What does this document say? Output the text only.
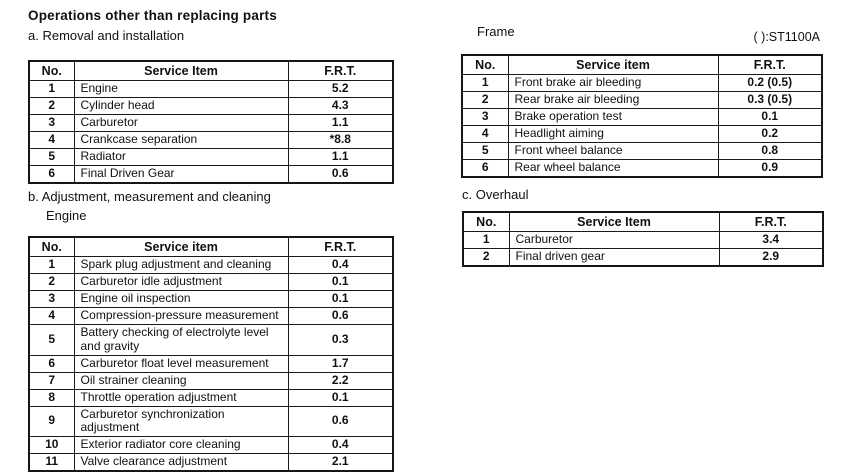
Operations other than replacing parts
a. Removal and installation
No.	Service Item	F.R.T.
1	Engine	5.2
2	Cylinder head	4.3
3	Carburetor	1.1
4	Crankcase separation	*8.8
5	Radiator	1.1
6	Final Driven Gear	0.6
b. Adjustment, measurement and cleaning
Engine
No.	Service item	F.R.T.
1	Spark plug adjustment and cleaning	0.4
2	Carburetor idle adjustment	0.1
3	Engine oil inspection	0.1
4	Compression-pressure measurement	0.6
5	Battery checking of electrolyte level and gravity	0.3
6	Carburetor float level measurement	1.7
7	Oil strainer cleaning	2.2
8	Throttle operation adjustment	0.1
9	Carburetor synchronization adjustment	0.6
10	Exterior radiator core cleaning	0.4
11	Valve clearance adjustment	2.1
Frame	( ):ST1100A
No.	Service item	F.R.T.
1	Front brake air bleeding	0.2 (0.5)
2	Rear brake air bleeding	0.3 (0.5)
3	Brake operation test	0.1
4	Headlight aiming	0.2
5	Front wheel balance	0.8
6	Rear wheel balance	0.9
c. Overhaul
No.	Service Item	F.R.T.
1	Carburetor	3.4
2	Final driven gear	2.9
